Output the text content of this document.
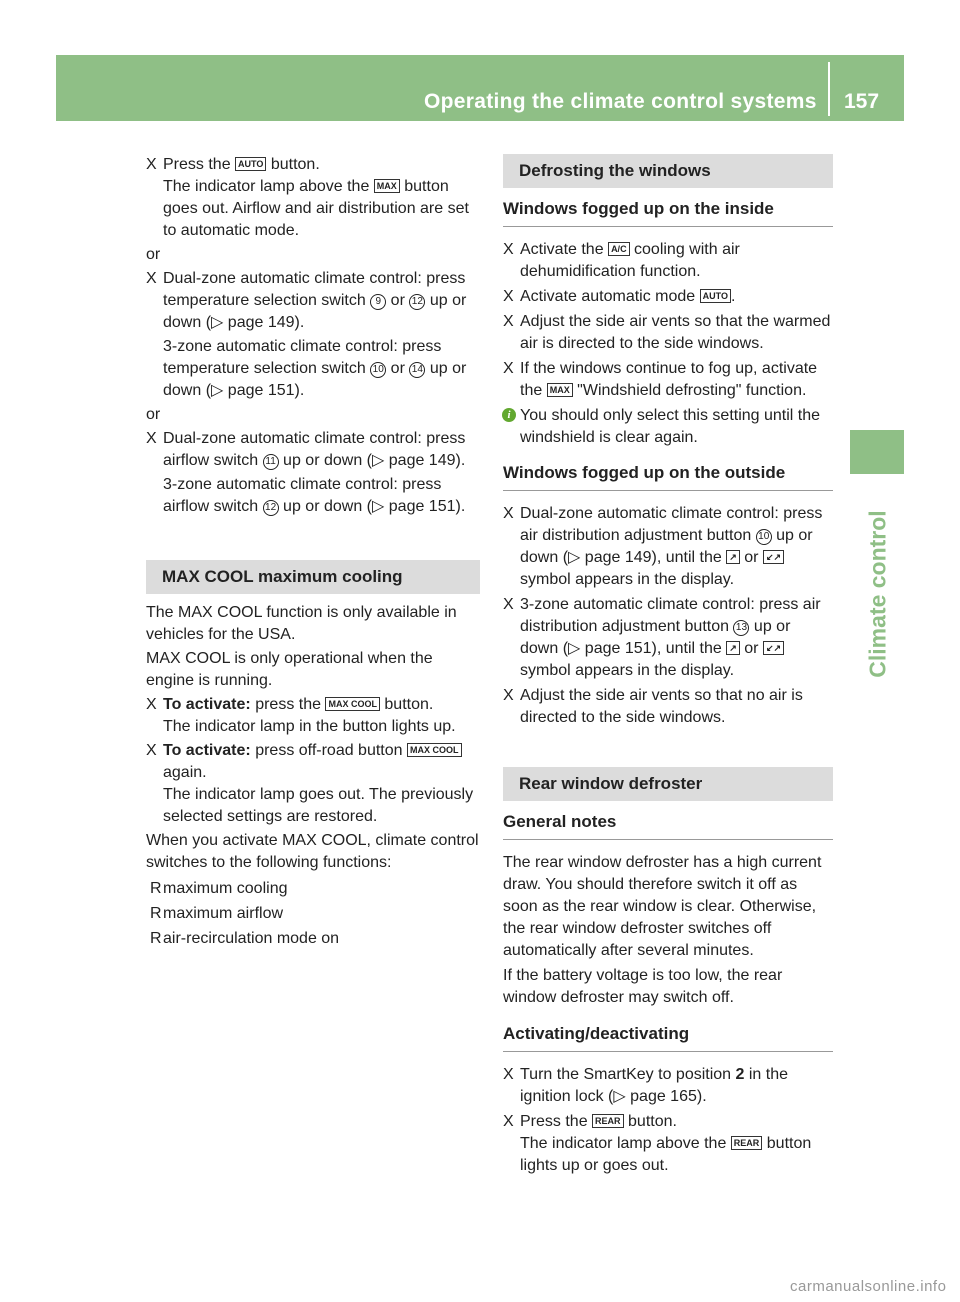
Operating the climate control systems 157
Climate control
X Press the AUTO button.

The indicator lamp above the MAX button goes out. Airflow and air distribution are set to automatic mode.

or

X Dual-zone automatic climate control: press temperature selection switch 9 or 12 up or down (▷ page 149).

3-zone automatic climate control: press temperature selection switch 10 or 14 up or down (▷ page 151).

or

X Dual-zone automatic climate control: press airflow switch 11 up or down (▷ page 149).

3-zone automatic climate control: press airflow switch 12 up or down (▷ page 151).

MAX COOL maximum cooling

The MAX COOL function is only available in vehicles for the USA.

MAX COOL is only operational when the engine is running.

X To activate: press the MAX COOL button.

The indicator lamp in the button lights up.

X To activate: press off-road button MAX COOL again.

The indicator lamp goes out. The previously selected settings are restored.

When you activate MAX COOL, climate control switches to the following functions:

R maximum cooling
R maximum airflow
R air-recirculation mode on
Defrosting the windows
Windows fogged up on the inside
X Activate the A/C cooling with air dehumidification function.

X Activate automatic mode AUTO .

X Adjust the side air vents so that the warmed air is directed to the side windows.

X If the windows continue to fog up, activate the MAX "Windshield defrosting" function.

i You should only select this setting until the windshield is clear again.

Windows fogged up on the outside
X Dual-zone automatic climate control: press air distribution adjustment button 10 up or down (▷ page 149), until the ↗ or ↙↗ symbol appears in the display.

X 3-zone automatic climate control: press air distribution adjustment button 13 up or down (▷ page 151), until the ↗ or ↙↗ symbol appears in the display.

X Adjust the side air vents so that no air is directed to the side windows.

Rear window defroster
General notes

The rear window defroster has a high current draw. You should therefore switch it off as soon as the rear window is clear. Otherwise, the rear window defroster switches off automatically after several minutes.

If the battery voltage is too low, the rear window defroster may switch off.

Activating/deactivating
X Turn the SmartKey to position 2 in the ignition lock (▷ page 165).

X Press the REAR button.

The indicator lamp above the REAR button lights up or goes out.

carmanualsonline.info
